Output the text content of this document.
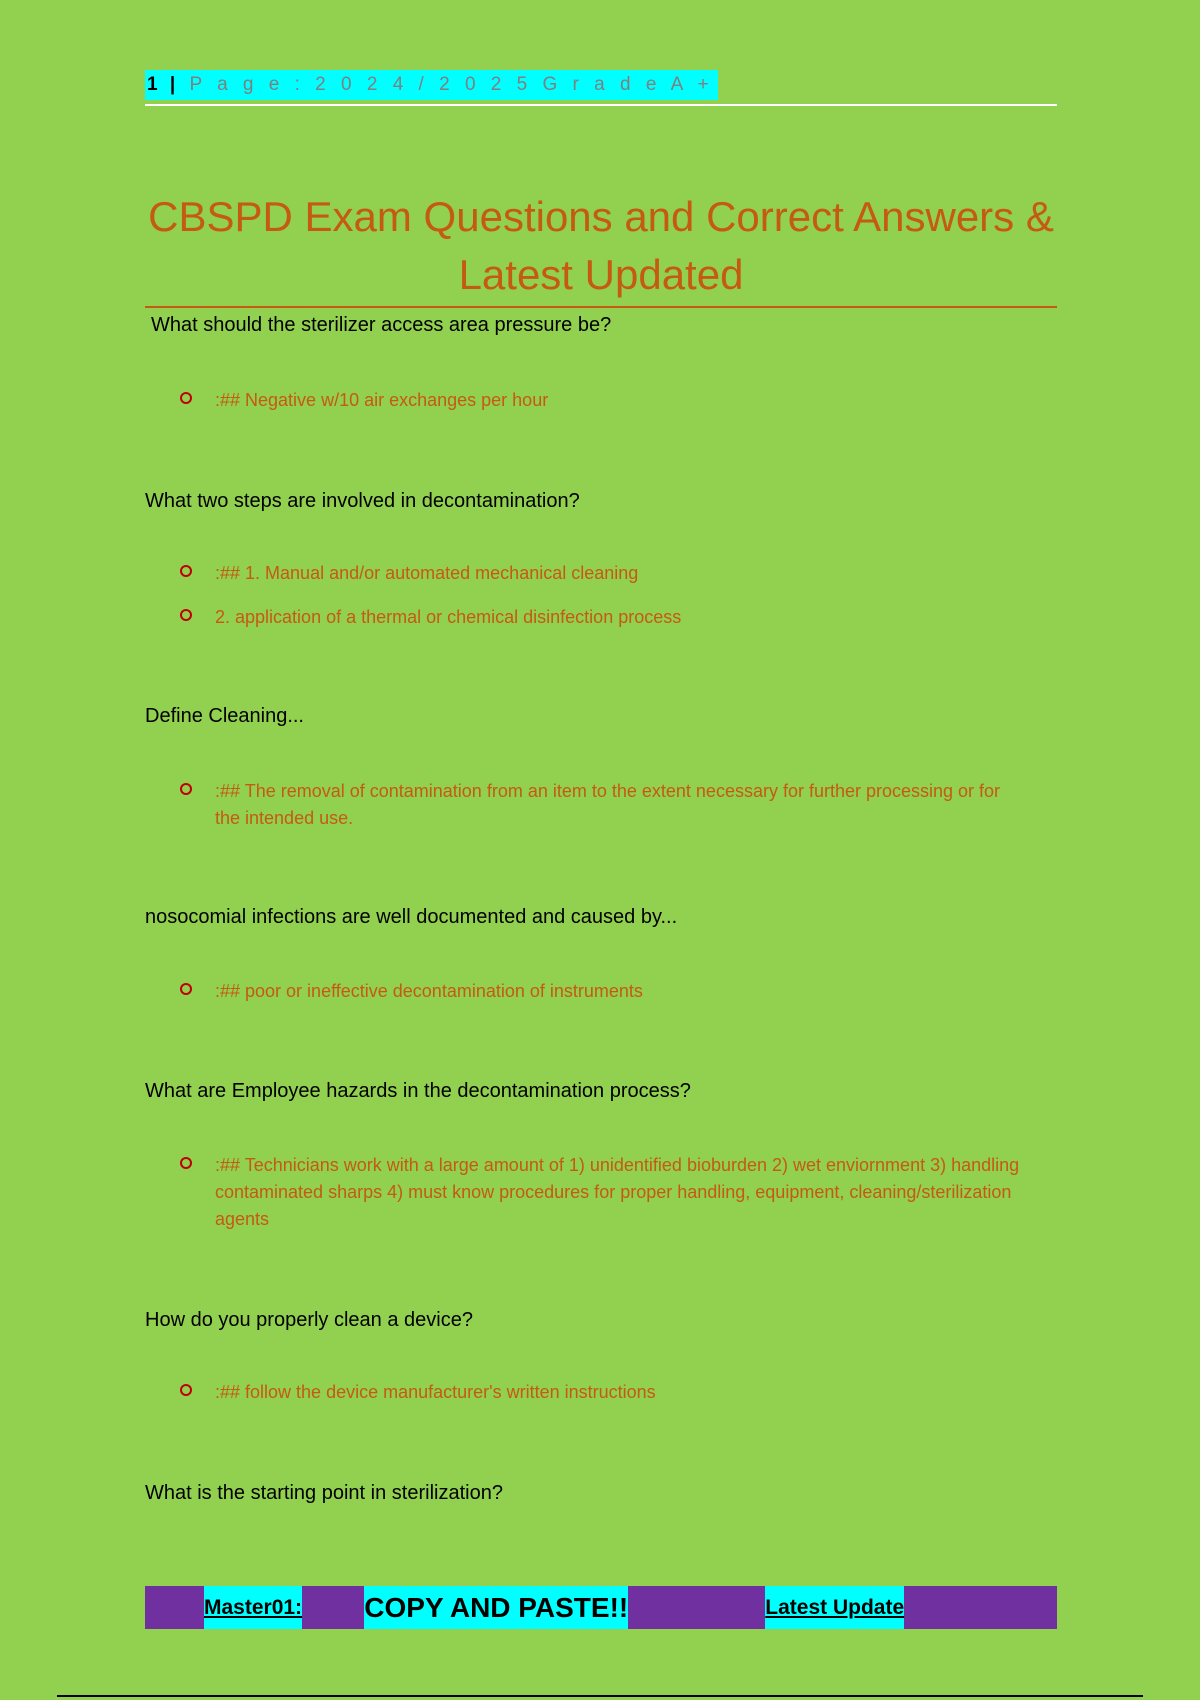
1 | P a g e : 2 0 2 4 / 2 0 2 5 G r a d e A +
CBSPD Exam Questions and Correct Answers &
Latest Updated
What should the sterilizer access area pressure be?
:## Negative w/10 air exchanges per hour
What two steps are involved in decontamination?
:## 1. Manual and/or automated mechanical cleaning
2. application of a thermal or chemical disinfection process
Define Cleaning...
:## The removal of contamination from an item to the extent necessary for further processing or for the intended use.
nosocomial infections are well documented and caused by...
:## poor or ineffective decontamination of instruments
What are Employee hazards in the decontamination process?
:## Technicians work with a large amount of 1) unidentified bioburden 2) wet enviornment 3) handling contaminated sharps 4) must know procedures for proper handling, equipment, cleaning/sterilization agents
How do you properly clean a device?
:## follow the device manufacturer's written instructions
What is the starting point in sterilization?
Master01: DO NOT COPY AND PASTE!! August 25, 2024 Latest Update
